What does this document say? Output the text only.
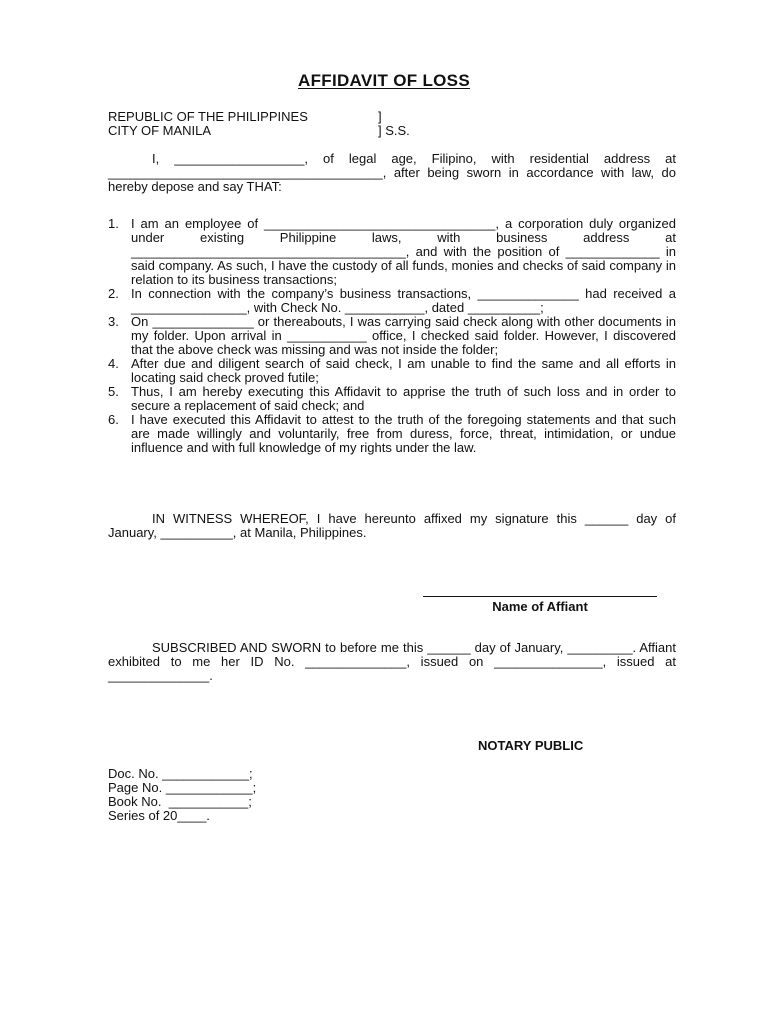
AFFIDAVIT OF LOSS
REPUBLIC OF THE PHILIPPINES	]
CITY OF MANILA	] S.S.

I, __________________, of legal age, Filipino, with residential address at ______________________________________, after being sworn in accordance with law, do hereby depose and say THAT:

1. I am an employee of ________________________________, a corporation duly organized under existing Philippine laws, with business address at ______________________________________, and with the position of _____________ in said company. As such, I have the custody of all funds, monies and checks of said company in relation to its business transactions;
2. In connection with the company’s business transactions, ______________ had received a ________________, with Check No. ___________, dated __________;
3. On ______________ or thereabouts, I was carrying said check along with other documents in my folder. Upon arrival in ___________ office, I checked said folder. However, I discovered that the above check was missing and was not inside the folder;
4. After due and diligent search of said check, I am unable to find the same and all efforts in locating said check proved futile;
5. Thus, I am hereby executing this Affidavit to apprise the truth of such loss and in order to secure a replacement of said check; and
6. I have executed this Affidavit to attest to the truth of the foregoing statements and that such are made willingly and voluntarily, free from duress, force, threat, intimidation, or undue influence and with full knowledge of my rights under the law.

IN WITNESS WHEREOF, I have hereunto affixed my signature this ______ day of January, __________, at Manila, Philippines.

Name of Affiant

SUBSCRIBED AND SWORN to before me this ______ day of January, _________. Affiant exhibited to me her ID No. ______________, issued on _______________, issued at ______________.

NOTARY PUBLIC
Doc. No. ____________;
Page No. ____________;
Book No.  ___________;
Series of 20____.
